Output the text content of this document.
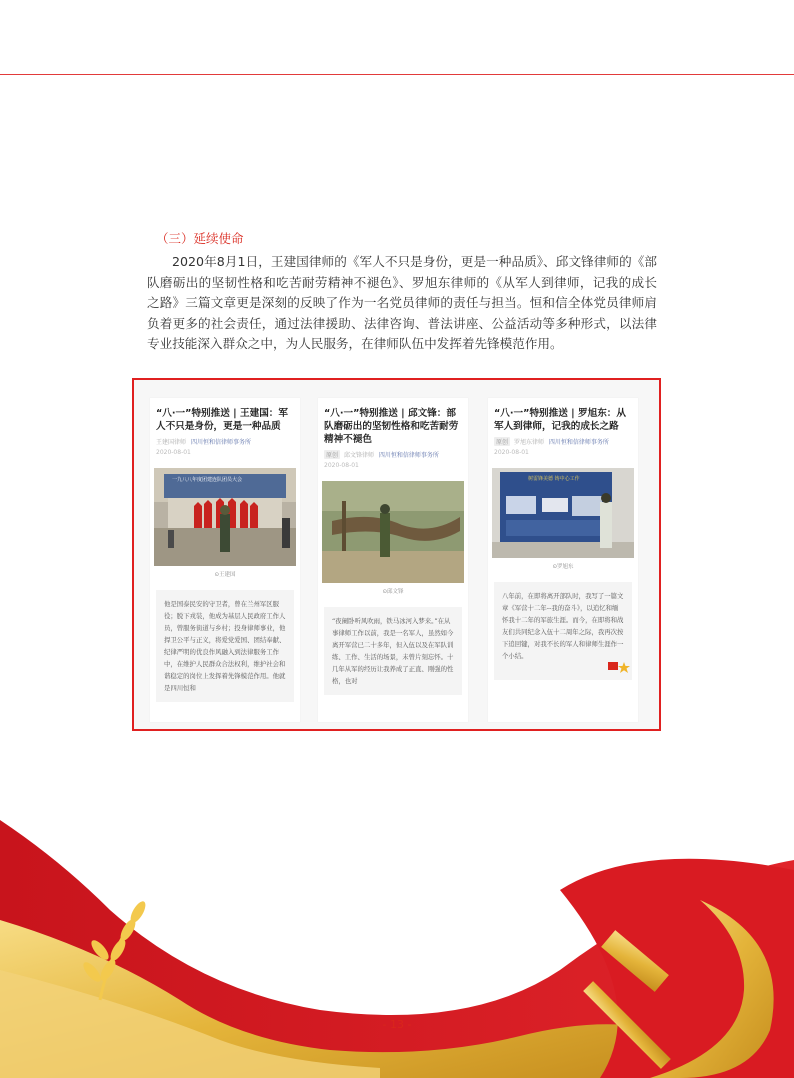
（三）延续使命

2020年8月1日，王建国律师的《军人不只是身份，更是一种品质》、邱文锋律师的《部队磨砺出的坚韧性格和吃苦耐劳精神不褪色》、罗旭东律师的《从军人到律师，记我的成长之路》三篇文章更是深刻的反映了作为一名党员律师的责任与担当。恒和信全体党员律师肩负着更多的社会责任，通过法律援助、法律咨询、普法讲座、公益活动等多种形式，以法律专业技能深入群众之中，为人民服务，在律师队伍中发挥着先锋模范作用。

“八·一”特别推送 | 王建国：军人不只是身份，更是一种品质
王建国律师 四川恒和信律师事务所
2020-08-01
一九八八年度团建连队团员大会
⊙王建国
他是国泰民安的守卫者，曾在兰州军区服役；脱下戎装，他成为基层人民政府工作人员，曾服务街道与乡村；投身律师事业，他捍卫公平与正义，将爱党爱国、团结奉献、纪律严明的优良作风融入到法律服务工作中，在维护人民群众合法权利，维护社会和谐稳定的岗位上发挥着先锋模范作用。他就是四川恒和
“八·一”特别推送 | 邱文锋：部队磨砺出的坚韧性格和吃苦耐劳精神不褪色
原创 邱文锋律师 四川恒和信律师事务所
2020-08-01
⊙邱文锋
“夜阑卧听风吹雨，铁马冰河入梦来。”在从事律师工作以前，我是一名军人，虽然如今离开军营已二十多年，但入伍以及在军队训练、工作、生活的场景，未曾片刻忘怀。十几年从军的经历让我养成了正直、刚强的性格，也对
“八·一”特别推送 | 罗旭东：从军人到律师，记我的成长之路
原创 罗旭东律师 四川恒和信律师事务所
2020-08-01
树雷锋美德 铸中心工作
⊙罗旭东
八年前，在即将离开部队时，我写了一篇文章《军营十二年--我的奋斗》，以追忆和缅怀我十二年的军旅生涯。而今，在即将和战友们共同纪念入伍十二周年之际，我再次按下追回键，对我不长的军人和律师生涯作一个小结。
- 13 -
